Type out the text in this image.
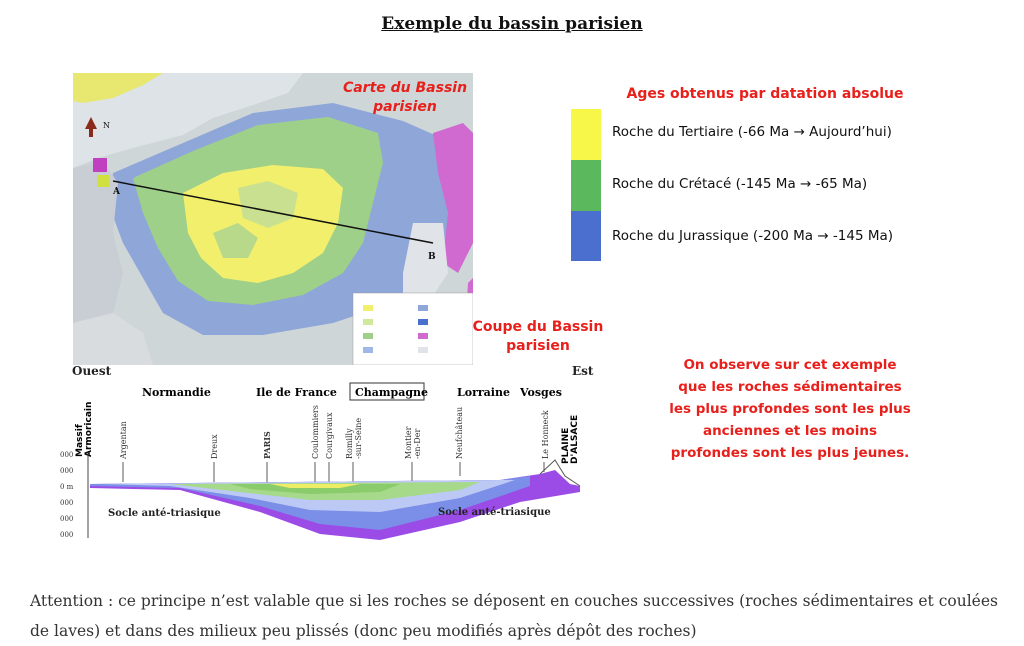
Exemple du bassin parisien
A
B
N
Carte du Bassin
parisien
Ages obtenus par datation absolue
Roche du Tertiaire (-66 Ma → Aujourd’hui)
Roche du Crétacé (-145 Ma → -65 Ma)
Roche du Jurassique (-200 Ma → -145 Ma)
Coupe du Bassin
parisien
Ouest	Est
Normandie	Ile de France Champagne	Lorraine Vosges
Massif Armoricain	PLAINE D'ALSACE
Argentan	Dreux	PARIS	Coulommiers Courgivaux Romilly -sur-Seine	Montier -en-Der	Neufchâteau	Le Honneck
000
000
0 m
000
000
000
Socle anté-triasique	Socle anté-triasique
On observe sur cet exemple
que les roches sédimentaires
les plus profondes sont les plus
anciennes et les moins
profondes sont les plus jeunes.
Attention : ce principe n’est valable que si les roches se déposent en couches successives (roches sédimentaires et coulées
de laves) et dans des milieux peu plissés (donc peu modifiés après dépôt des roches)
